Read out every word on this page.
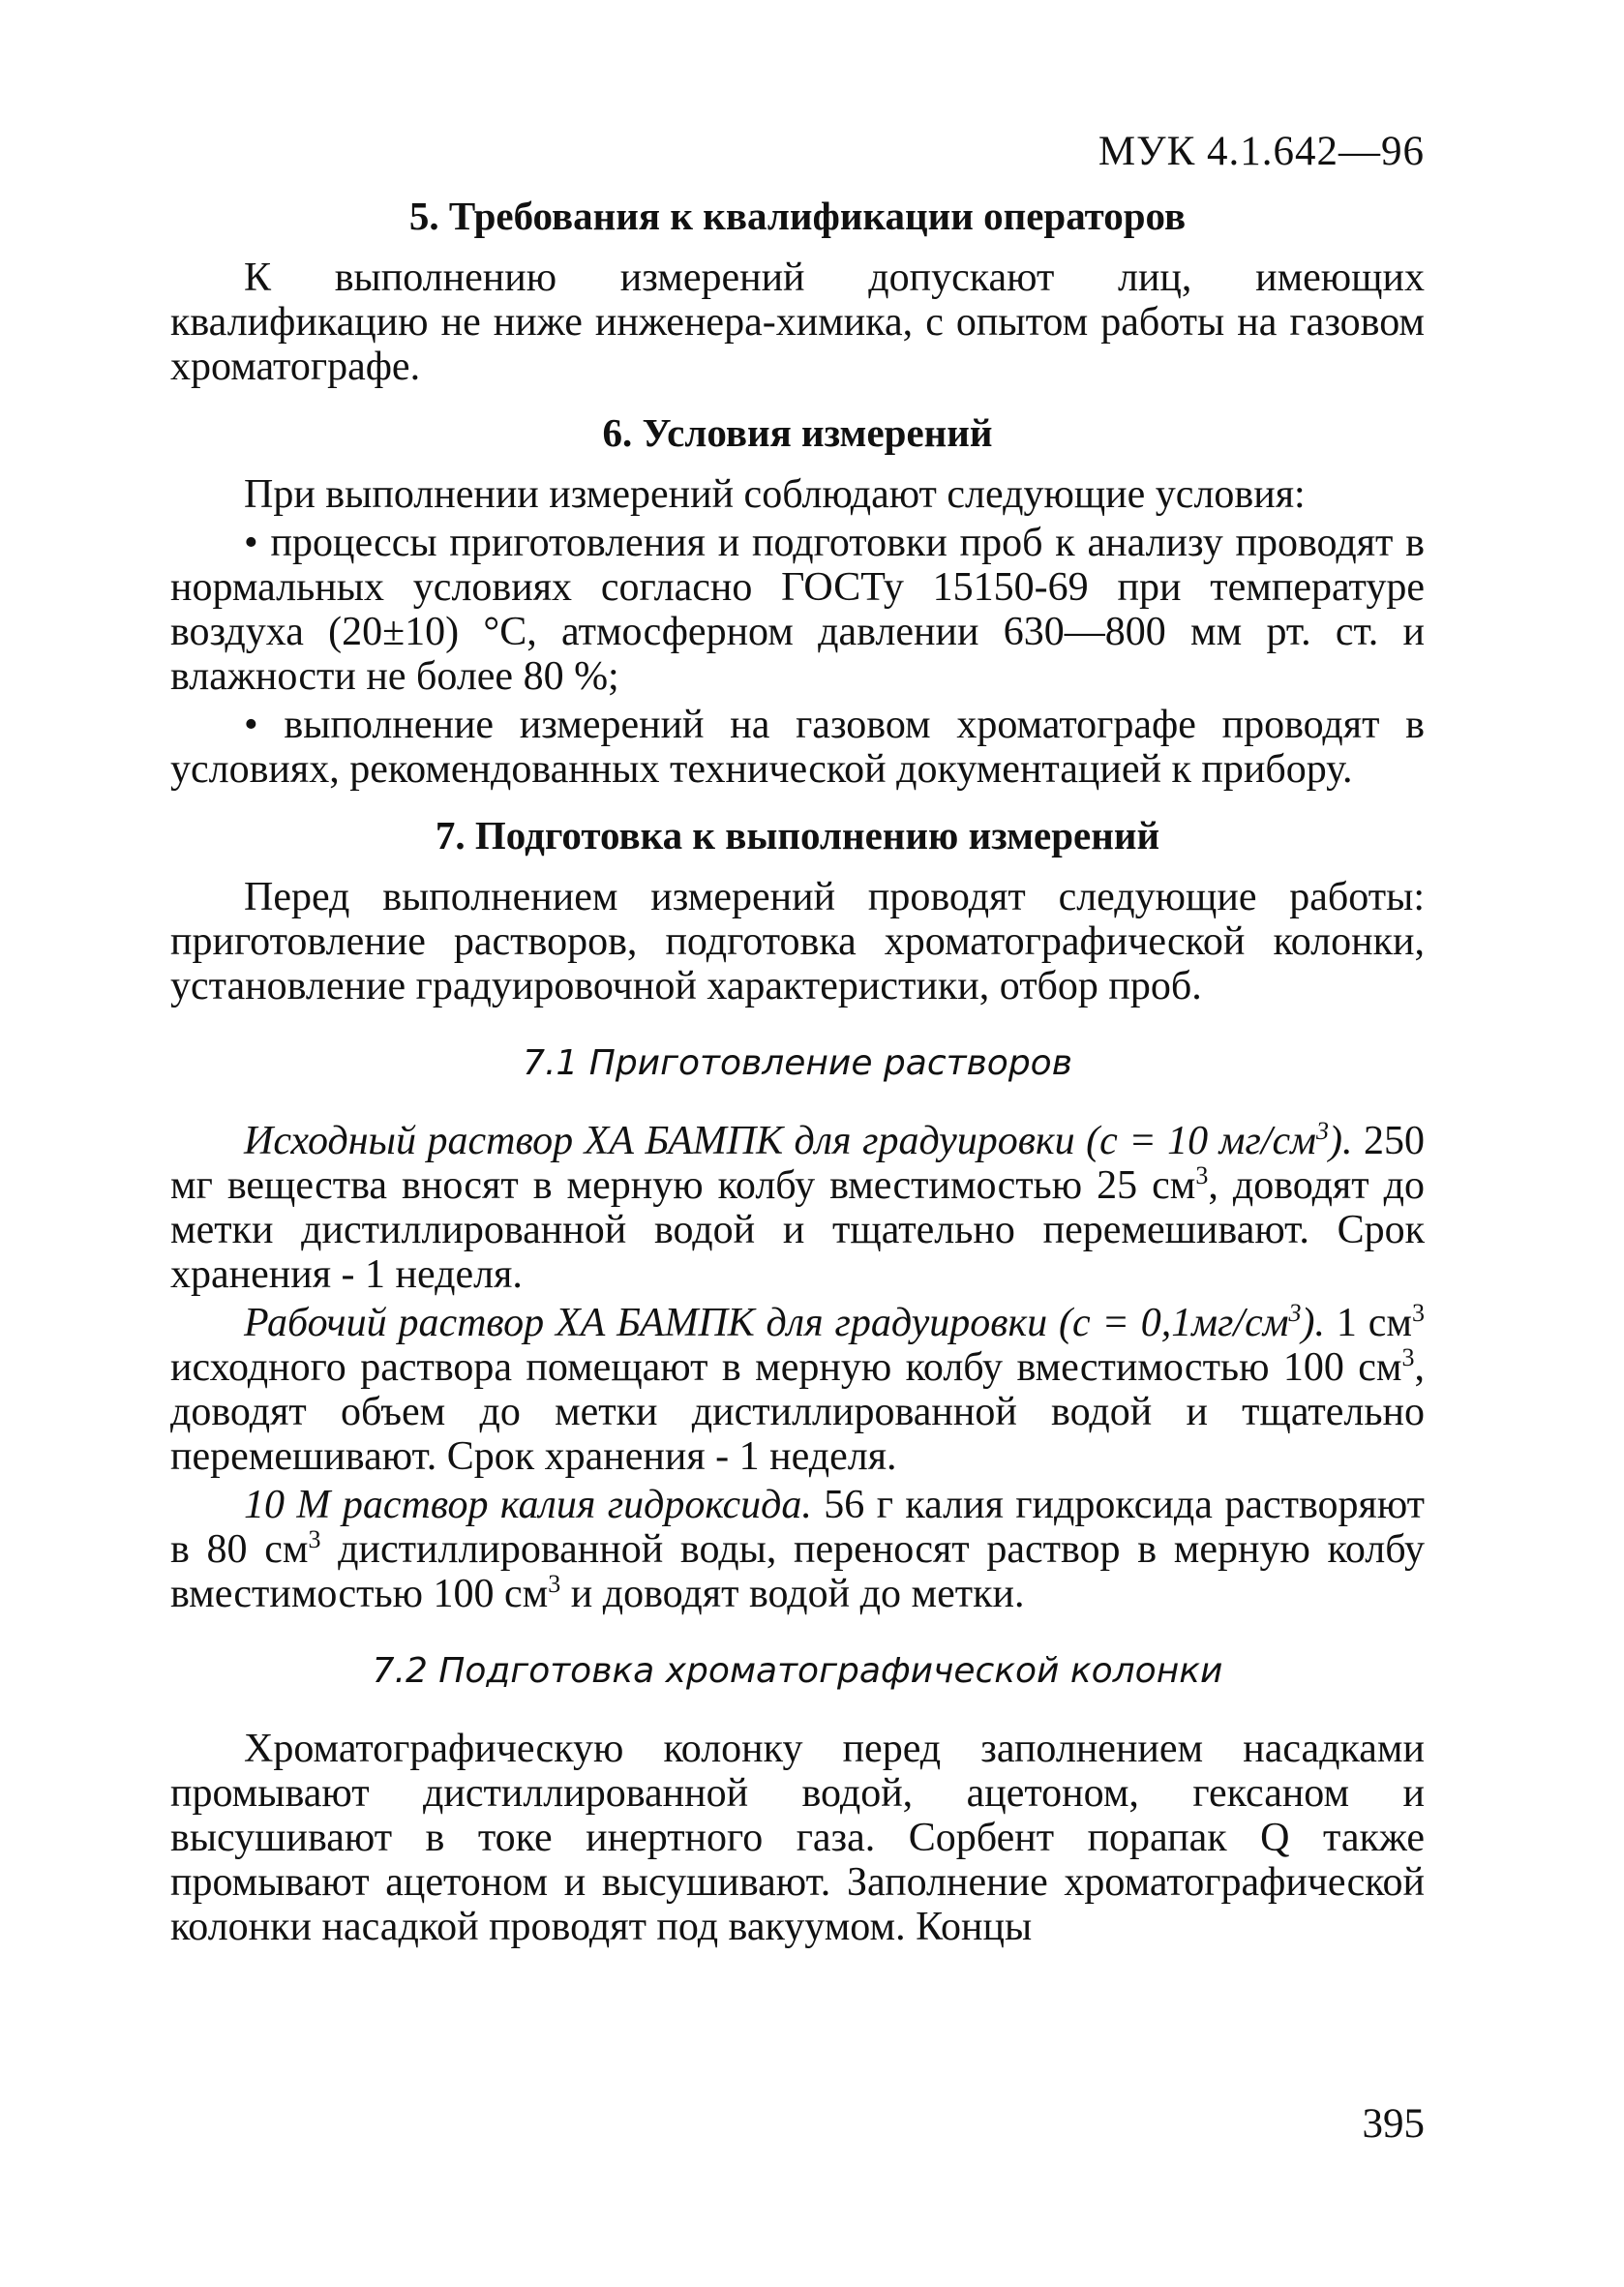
МУК 4.1.642—96
5. Требования к квалификации операторов
К выполнению измерений допускают лиц, имеющих квалификацию не ниже инженера-химика, с опытом работы на газовом хроматографе.
6. Условия измерений
При выполнении измерений соблюдают следующие условия:
• процессы приготовления и подготовки проб к анализу проводят в нормальных условиях согласно ГОСТу 15150-69 при температуре воздуха (20±10) °С, атмосферном давлении 630—800 мм рт. ст. и влажности не более 80 %;
• выполнение измерений на газовом хроматографе проводят в условиях, рекомендованных технической документацией к прибору.
7. Подготовка к выполнению измерений
Перед выполнением измерений проводят следующие работы: приготовление растворов, подготовка хроматографической колонки, установление градуировочной характеристики, отбор проб.
7.1 Приготовление растворов
Исходный раствор ХА БАМПК для градуировки (с = 10 $мг/см^3$). 250 мг вещества вносят в мерную колбу вместимостью 25 $см^3$, доводят до метки дистиллированной водой и тщательно перемешивают. Срок хранения - 1 неделя.
Рабочий раствор ХА БАМПК для градуировки $(с = 0,1мг/см^3)$. 1 $см^3$ исходного раствора помещают в мерную колбу вместимостью 100 $см^3$, доводят объем до метки дистиллированной водой и тщательно перемешивают. Срок хранения - 1 неделя.
10 М раствор калия гидроксида. 56 г калия гидроксида растворяют в 80 $см^3$ дистиллированной воды, переносят раствор в мерную колбу вместимостью 100 $см^3$ и доводят водой до метки.
7.2 Подготовка хроматографической колонки
Хроматографическую колонку перед заполнением насадками промывают дистиллированной водой, ацетоном, гексаном и высушивают в токе инертного газа. Сорбент порапак Q также промывают ацетоном и высушивают. Заполнение хроматографической колонки насадкой проводят под вакуумом. Концы
395
